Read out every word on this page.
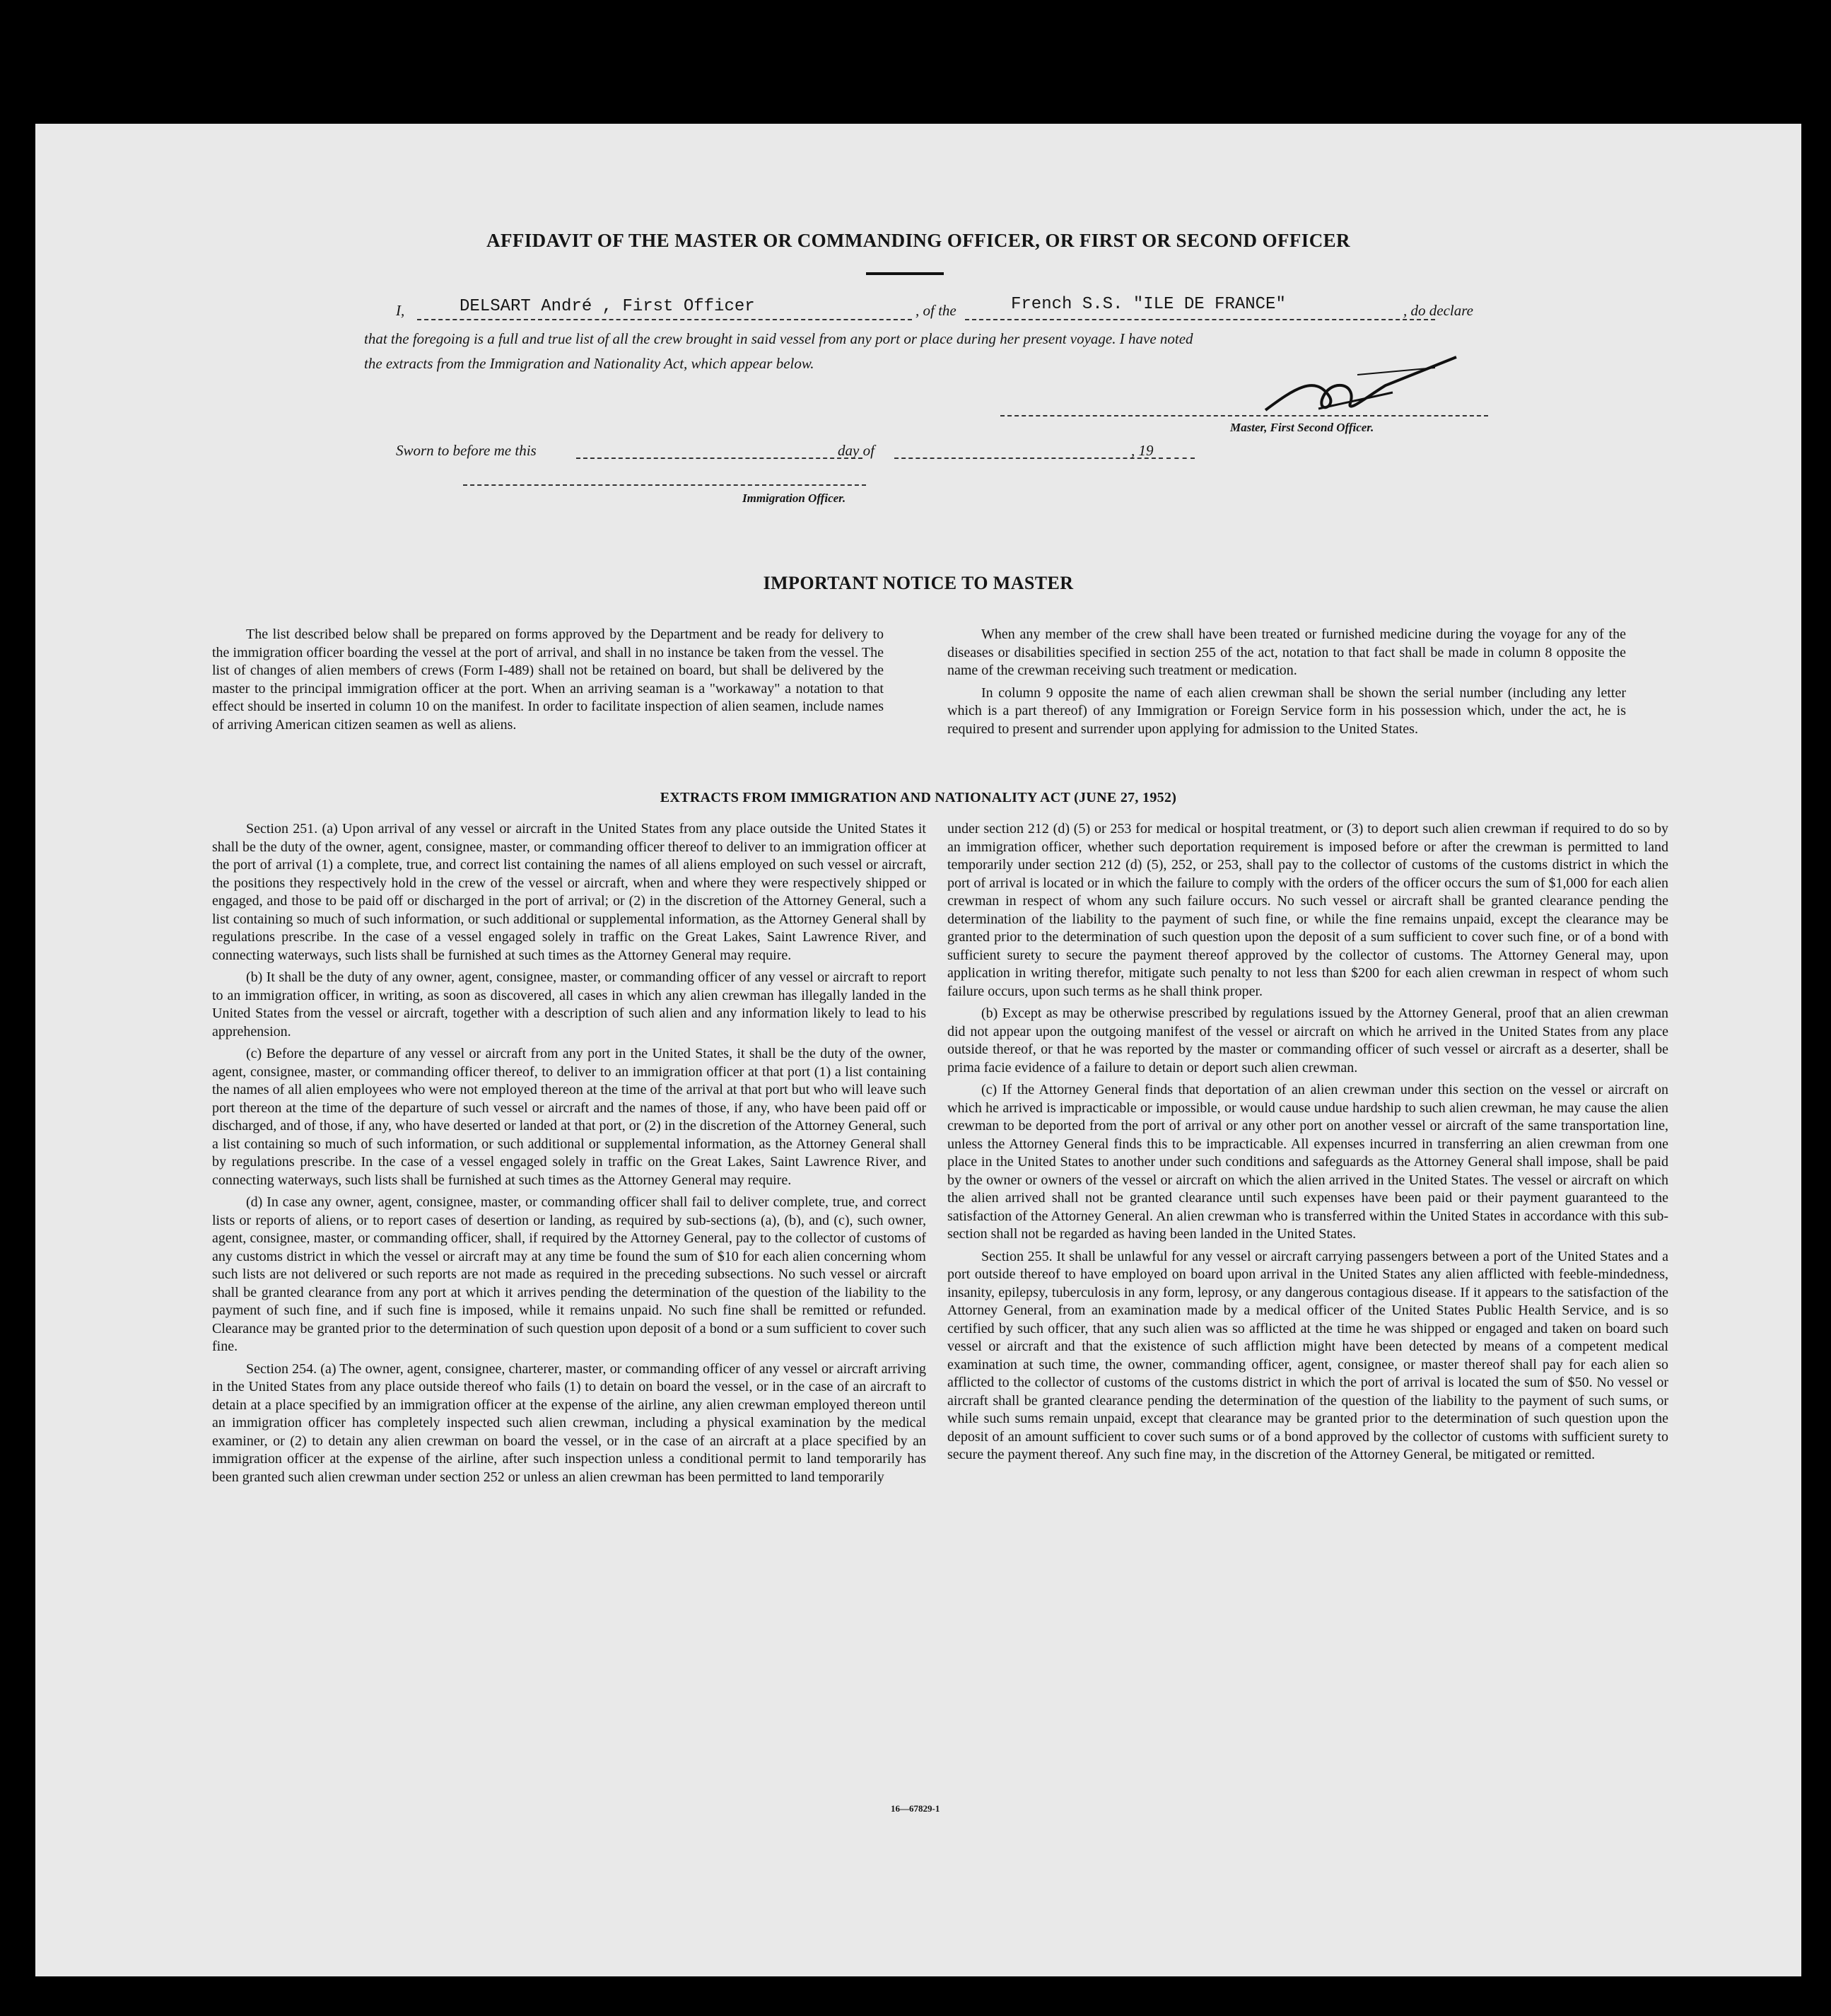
AFFIDAVIT OF THE MASTER OR COMMANDING OFFICER, OR FIRST OR SECOND OFFICER
I,	DELSART André , First Officer	, of the	French S.S. "ILE DE FRANCE"	, do declare
that the foregoing is a full and true list of all the crew brought in said vessel from any port or place during her present voyage. I have noted
the extracts from the Immigration and Nationality Act, which appear below.
Master, First Second Officer.
Sworn to before me this	day of	, 19
Immigration Officer.
IMPORTANT NOTICE TO MASTER

The list described below shall be prepared on forms approved by the Department and be ready for delivery to the immigration officer boarding the vessel at the port of arrival, and shall in no instance be taken from the vessel. The list of changes of alien members of crews (Form I-489) shall not be retained on board, but shall be delivered by the master to the principal immigration officer at the port. When an arriving seaman is a "workaway" a notation to that effect should be inserted in column 10 on the manifest. In order to facilitate inspection of alien seamen, include names of arriving American citizen seamen as well as aliens.

When any member of the crew shall have been treated or furnished medicine during the voyage for any of the diseases or disabilities specified in section 255 of the act, notation to that fact shall be made in column 8 opposite the name of the crewman receiving such treatment or medication.

In column 9 opposite the name of each alien crewman shall be shown the serial number (including any letter which is a part thereof) of any Immigration or Foreign Service form in his possession which, under the act, he is required to present and surrender upon applying for admission to the United States.

EXTRACTS FROM IMMIGRATION AND NATIONALITY ACT (JUNE 27, 1952)

Section 251. (a) Upon arrival of any vessel or aircraft in the United States from any place outside the United States it shall be the duty of the owner, agent, consignee, master, or commanding officer thereof to deliver to an immigration officer at the port of arrival (1) a complete, true, and correct list containing the names of all aliens employed on such vessel or aircraft, the positions they respectively hold in the crew of the vessel or aircraft, when and where they were respectively shipped or engaged, and those to be paid off or discharged in the port of arrival; or (2) in the discretion of the Attorney General, such a list containing so much of such information, or such additional or supplemental information, as the Attorney General shall by regulations prescribe. In the case of a vessel engaged solely in traffic on the Great Lakes, Saint Lawrence River, and connecting waterways, such lists shall be furnished at such times as the Attorney General may require.

(b) It shall be the duty of any owner, agent, consignee, master, or commanding officer of any vessel or aircraft to report to an immigration officer, in writing, as soon as discovered, all cases in which any alien crewman has illegally landed in the United States from the vessel or aircraft, together with a description of such alien and any information likely to lead to his apprehension.

(c) Before the departure of any vessel or aircraft from any port in the United States, it shall be the duty of the owner, agent, consignee, master, or commanding officer thereof, to deliver to an immigration officer at that port (1) a list containing the names of all alien employees who were not employed thereon at the time of the arrival at that port but who will leave such port thereon at the time of the departure of such vessel or aircraft and the names of those, if any, who have been paid off or discharged, and of those, if any, who have deserted or landed at that port, or (2) in the discretion of the Attorney General, such a list containing so much of such information, or such additional or supplemental information, as the Attorney General shall by regulations prescribe. In the case of a vessel engaged solely in traffic on the Great Lakes, Saint Lawrence River, and connecting waterways, such lists shall be furnished at such times as the Attorney General may require.

(d) In case any owner, agent, consignee, master, or commanding officer shall fail to deliver complete, true, and correct lists or reports of aliens, or to report cases of desertion or landing, as required by sub-sections (a), (b), and (c), such owner, agent, consignee, master, or commanding officer, shall, if required by the Attorney General, pay to the collector of customs of any customs district in which the vessel or aircraft may at any time be found the sum of $10 for each alien concerning whom such lists are not delivered or such reports are not made as required in the preceding subsections. No such vessel or aircraft shall be granted clearance from any port at which it arrives pending the determination of the question of the liability to the payment of such fine, and if such fine is imposed, while it remains unpaid. No such fine shall be remitted or refunded. Clearance may be granted prior to the determination of such question upon deposit of a bond or a sum sufficient to cover such fine.

Section 254. (a) The owner, agent, consignee, charterer, master, or commanding officer of any vessel or aircraft arriving in the United States from any place outside thereof who fails (1) to detain on board the vessel, or in the case of an aircraft to detain at a place specified by an immigration officer at the expense of the airline, any alien crewman employed thereon until an immigration officer has completely inspected such alien crewman, including a physical examination by the medical examiner, or (2) to detain any alien crewman on board the vessel, or in the case of an aircraft at a place specified by an immigration officer at the expense of the airline, after such inspection unless a conditional permit to land temporarily has been granted such alien crewman under section 252 or unless an alien crewman has been permitted to land temporarily

under section 212 (d) (5) or 253 for medical or hospital treatment, or (3) to deport such alien crewman if required to do so by an immigration officer, whether such deportation requirement is imposed before or after the crewman is permitted to land temporarily under section 212 (d) (5), 252, or 253, shall pay to the collector of customs of the customs district in which the port of arrival is located or in which the failure to comply with the orders of the officer occurs the sum of $1,000 for each alien crewman in respect of whom any such failure occurs. No such vessel or aircraft shall be granted clearance pending the determination of the liability to the payment of such fine, or while the fine remains unpaid, except the clearance may be granted prior to the determination of such question upon the deposit of a sum sufficient to cover such fine, or of a bond with sufficient surety to secure the payment thereof approved by the collector of customs. The Attorney General may, upon application in writing therefor, mitigate such penalty to not less than $200 for each alien crewman in respect of whom such failure occurs, upon such terms as he shall think proper.

(b) Except as may be otherwise prescribed by regulations issued by the Attorney General, proof that an alien crewman did not appear upon the outgoing manifest of the vessel or aircraft on which he arrived in the United States from any place outside thereof, or that he was reported by the master or commanding officer of such vessel or aircraft as a deserter, shall be prima facie evidence of a failure to detain or deport such alien crewman.

(c) If the Attorney General finds that deportation of an alien crewman under this section on the vessel or aircraft on which he arrived is impracticable or impossible, or would cause undue hardship to such alien crewman, he may cause the alien crewman to be deported from the port of arrival or any other port on another vessel or aircraft of the same transportation line, unless the Attorney General finds this to be impracticable. All expenses incurred in transferring an alien crewman from one place in the United States to another under such conditions and safeguards as the Attorney General shall impose, shall be paid by the owner or owners of the vessel or aircraft on which the alien arrived in the United States. The vessel or aircraft on which the alien arrived shall not be granted clearance until such expenses have been paid or their payment guaranteed to the satisfaction of the Attorney General. An alien crewman who is transferred within the United States in accordance with this sub-section shall not be regarded as having been landed in the United States.

Section 255. It shall be unlawful for any vessel or aircraft carrying passengers between a port of the United States and a port outside thereof to have employed on board upon arrival in the United States any alien afflicted with feeble-mindedness, insanity, epilepsy, tuberculosis in any form, leprosy, or any dangerous contagious disease. If it appears to the satisfaction of the Attorney General, from an examination made by a medical officer of the United States Public Health Service, and is so certified by such officer, that any such alien was so afflicted at the time he was shipped or engaged and taken on board such vessel or aircraft and that the existence of such affliction might have been detected by means of a competent medical examination at such time, the owner, commanding officer, agent, consignee, or master thereof shall pay for each alien so afflicted to the collector of customs of the customs district in which the port of arrival is located the sum of $50. No vessel or aircraft shall be granted clearance pending the determination of the question of the liability to the payment of such sums, or while such sums remain unpaid, except that clearance may be granted prior to the determination of such question upon the deposit of an amount sufficient to cover such sums or of a bond approved by the collector of customs with sufficient surety to secure the payment thereof. Any such fine may, in the discretion of the Attorney General, be mitigated or remitted.

16—67829-1
